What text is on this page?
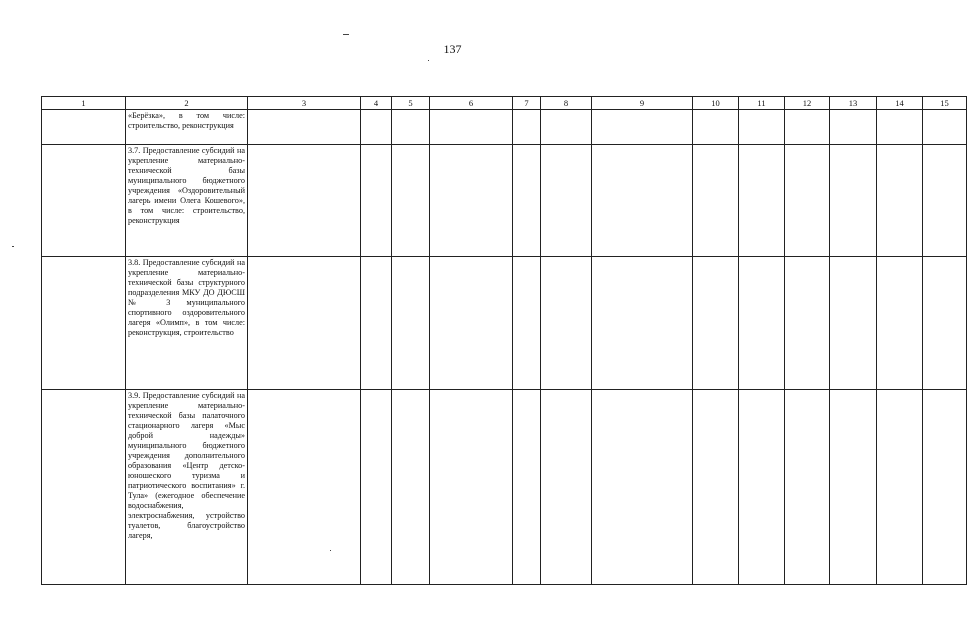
137
1	2	3	4	5	6	7	8	9	10	11	12	13	14	15

	«Берёзка», в том числе: строительство, реконструкция													

	3.7. Предоставление субсидий на укрепление материально-технической базы муниципального бюджетного учреждения «Оздоровительный лагерь имени Олега Кошевого», в том числе: строительство, реконструкция													

	3.8. Предоставление субсидий на укрепление материально-технической базы структурного подразделения МКУ ДО ДЮСШ № 3 муниципального спортивного оздоровительного лагеря «Олимп», в том числе: реконструкция, строительство													

	3.9. Предоставление субсидий на укрепление материально-технической базы палаточного стационарного лагеря «Мыс доброй надежды» муниципального бюджетного учреждения дополнительного образования «Центр детско-юношеского туризма и патриотического воспитания» г. Тула» (ежегодное обеспечение водоснабжения, электроснабжения, устройство туалетов, благоустройство лагеря,													
